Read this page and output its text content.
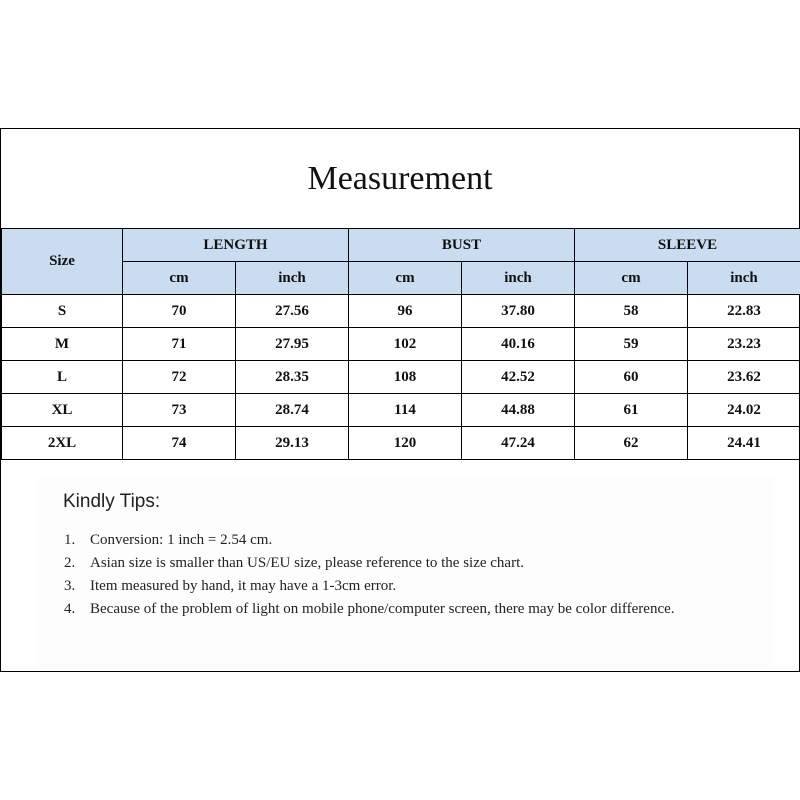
Measurement
Size	LENGTH		BUST		SLEEVE	
	cm	inch	cm	inch	cm	inch
S	70	27.56	96	37.80	58	22.83
M	71	27.95	102	40.16	59	23.23
L	72	28.35	108	42.52	60	23.62
XL	73	28.74	114	44.88	61	24.02
2XL	74	29.13	120	47.24	62	24.41
Kindly Tips:
1. Conversion: 1 inch = 2.54 cm.
2. Asian size is smaller than US/EU size, please reference to the size chart.
3. Item measured by hand, it may have a 1-3cm error.
4. Because of the problem of light on mobile phone/computer screen, there may be color difference.
